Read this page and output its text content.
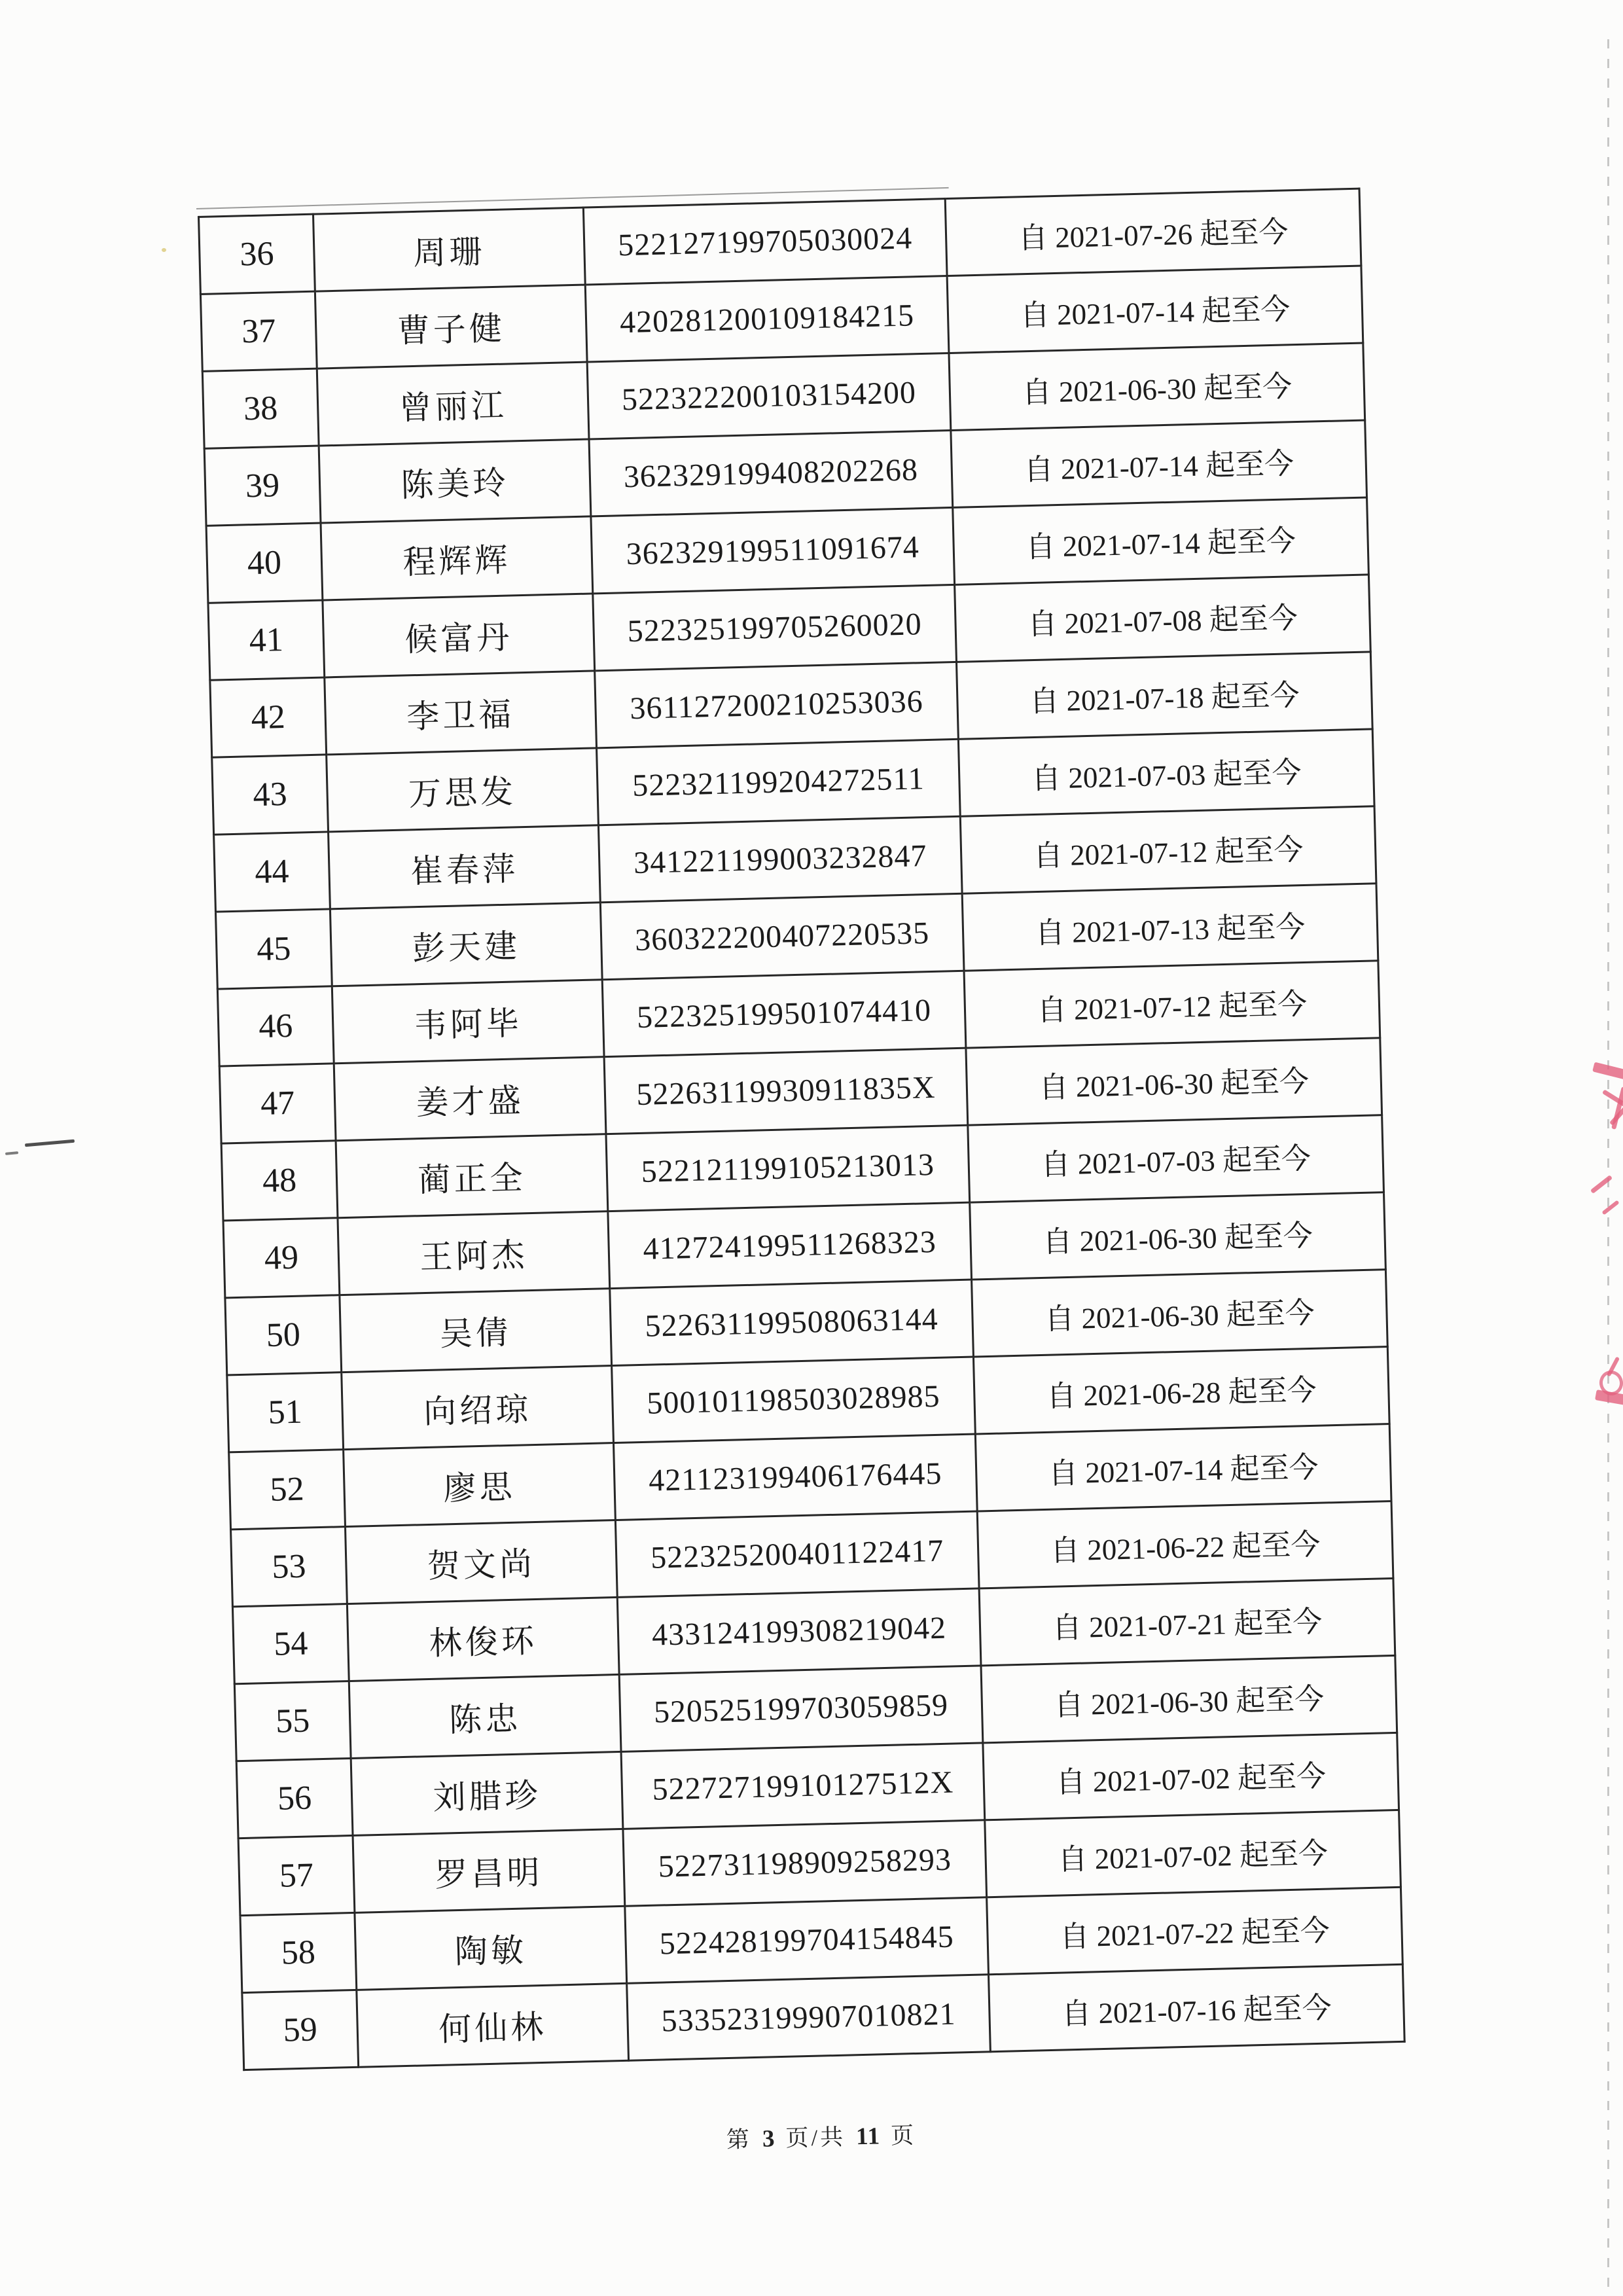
36	周珊	522127199705030024	自 2021-07-26 起至今
37	曹子健	420281200109184215	自 2021-07-14 起至今
38	曾丽江	522322200103154200	自 2021-06-30 起至今
39	陈美玲	362329199408202268	自 2021-07-14 起至今
40	程辉辉	362329199511091674	自 2021-07-14 起至今
41	候富丹	522325199705260020	自 2021-07-08 起至今
42	李卫福	361127200210253036	自 2021-07-18 起至今
43	万思发	522321199204272511	自 2021-07-03 起至今
44	崔春萍	341221199003232847	自 2021-07-12 起至今
45	彭天建	360322200407220535	自 2021-07-13 起至今
46	韦阿毕	522325199501074410	自 2021-07-12 起至今
47	姜才盛	52263119930911835X	自 2021-06-30 起至今
48	蔺正全	522121199105213013	自 2021-07-03 起至今
49	王阿杰	412724199511268323	自 2021-06-30 起至今
50	吴倩	522631199508063144	自 2021-06-30 起至今
51	向绍琼	500101198503028985	自 2021-06-28 起至今
52	廖思	421123199406176445	自 2021-07-14 起至今
53	贺文尚	522325200401122417	自 2021-06-22 起至今
54	林俊环	433124199308219042	自 2021-07-21 起至今
55	陈忠	520525199703059859	自 2021-06-30 起至今
56	刘腊珍	52272719910127512X	自 2021-07-02 起至今
57	罗昌明	522731198909258293	自 2021-07-02 起至今
58	陶敏	522428199704154845	自 2021-07-22 起至今
59	何仙林	533523199907010821	自 2021-07-16 起至今
第 3 页/共 11 页
